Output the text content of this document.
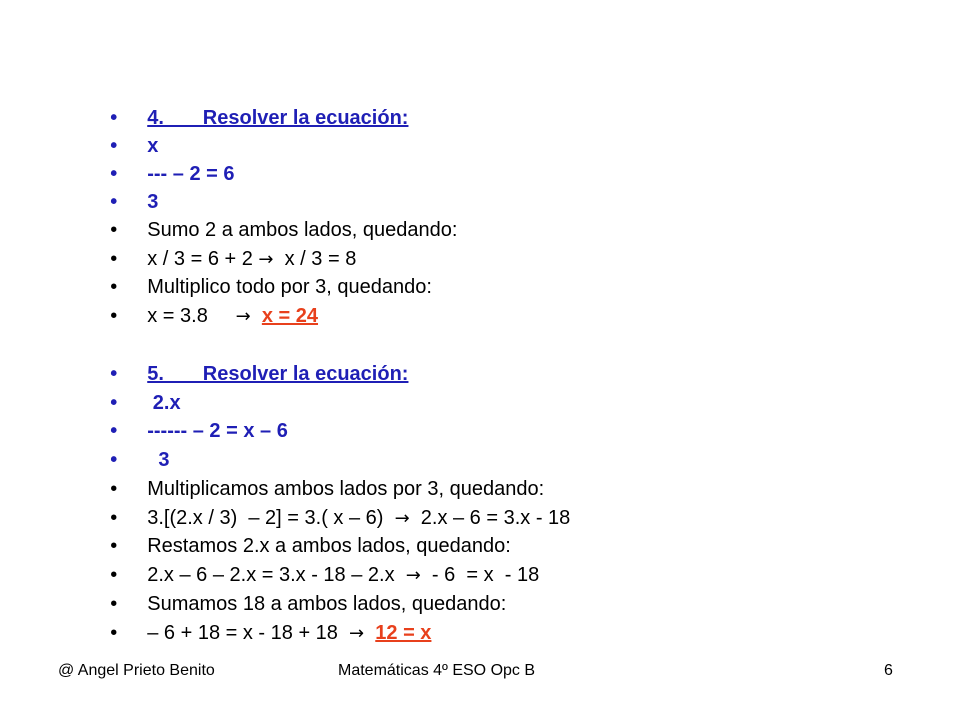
• 4.       Resolver la ecuación:

• x

• --- – 2 = 6

• 3

• Sumo 2 a ambos lados, quedando:

• x / 3 = 6 + 2 →  x / 3 = 8

• Multiplico todo por 3, quedando:

• x = 3.8     → x = 24

• 5.       Resolver la ecuación:

• 2.x

• ------ – 2 = x – 6

•  3

• Multiplicamos ambos lados por 3, quedando:

• 3.[(2.x / 3)  – 2] = 3.( x – 6)  →  2.x – 6 = 3.x - 18

• Restamos 2.x a ambos lados, quedando:

• 2.x – 6 – 2.x = 3.x - 18 – 2.x  →  - 6  = x  - 18

• Sumamos 18 a ambos lados, quedando:

• – 6 + 18 = x - 18 + 18  → 12 = x

@ Angel Prieto Benito	Matemáticas 4º ESO Opc B	6
